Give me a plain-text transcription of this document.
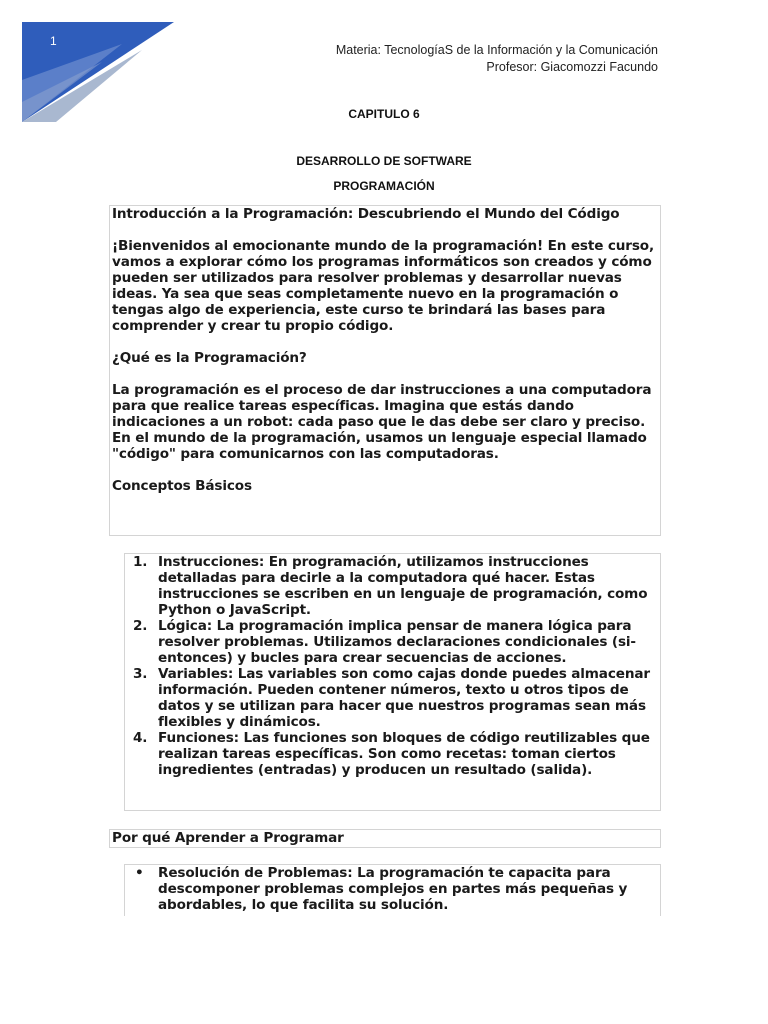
1
Materia: TecnologíaS de la Información y la Comunicación
Profesor: Giacomozzi Facundo
CAPITULO 6
DESARROLLO DE SOFTWARE
PROGRAMACIÓN

Introducción a la Programación: Descubriendo el Mundo del Código

¡Bienvenidos al emocionante mundo de la programación! En este curso, vamos a explorar cómo los programas informáticos son creados y cómo pueden ser utilizados para resolver problemas y desarrollar nuevas ideas. Ya sea que seas completamente nuevo en la programación o tengas algo de experiencia, este curso te brindará las bases para comprender y crear tu propio código.

¿Qué es la Programación?

La programación es el proceso de dar instrucciones a una computadora para que realice tareas específicas. Imagina que estás dando indicaciones a un robot: cada paso que le das debe ser claro y preciso. En el mundo de la programación, usamos un lenguaje especial llamado "código" para comunicarnos con las computadoras.

Conceptos Básicos

1. Instrucciones: En programación, utilizamos instrucciones detalladas para decirle a la computadora qué hacer. Estas instrucciones se escriben en un lenguaje de programación, como Python o JavaScript.
2. Lógica: La programación implica pensar de manera lógica para resolver problemas. Utilizamos declaraciones condicionales (si-entonces) y bucles para crear secuencias de acciones.
3. Variables: Las variables son como cajas donde puedes almacenar información. Pueden contener números, texto u otros tipos de datos y se utilizan para hacer que nuestros programas sean más flexibles y dinámicos.
4. Funciones: Las funciones son bloques de código reutilizables que realizan tareas específicas. Son como recetas: toman ciertos ingredientes (entradas) y producen un resultado (salida).

Por qué Aprender a Programar

• Resolución de Problemas: La programación te capacita para descomponer problemas complejos en partes más pequeñas y abordables, lo que facilita su solución.
